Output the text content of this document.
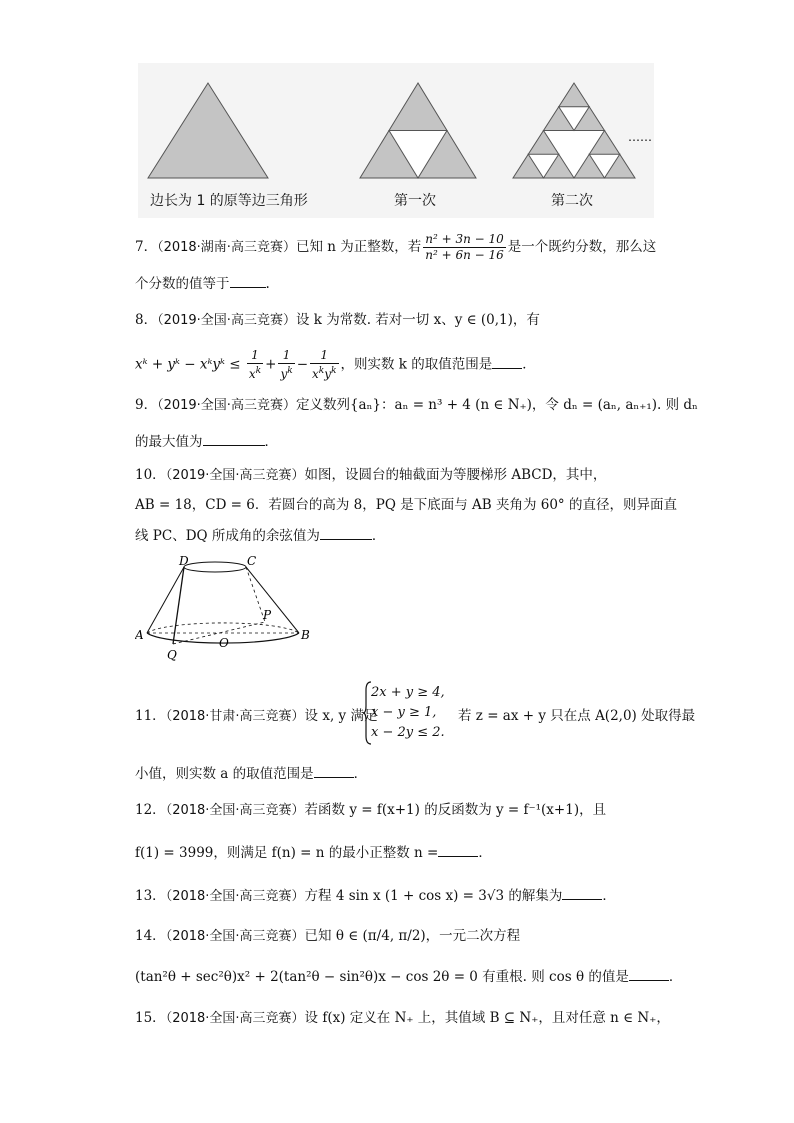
边长为 1 的原等边三角形	第一次	第二次
……
7．（2018·湖南·高三竞赛）已知 n 为正整数，若 $\frac{\text{n² + 3n − 10}}{\text{n² + 6n − 16}}$ 是一个既约分数，那么这
个分数的值等于	.
8．（2019·全国·高三竞赛）设 k 为常数. 若对一切 x、y ∈ (0,1)，有
xᵏ + yᵏ − xᵏyᵏ ≤ $\frac{1}{x^k} + \frac{1}{y^k} - \frac{1}{x^ky^k}$ ，则实数 k 的取值范围是 ．
9．（2019·全国·高三竞赛）定义数列{aₙ}：aₙ = n³ + 4 (n ∈ N₊)，令 dₙ = (aₙ, aₙ₊₁). 则 dₙ
的最大值为	．
10．（2019·全国·高三竞赛）如图，设圆台的轴截面为等腰梯形 ABCD，其中，
AB = 18，CD = 6．若圆台的高为 8，PQ 是下底面与 AB 夹角为 60° 的直径，则异面直
线 PC、DQ 所成角的余弦值为	．
D	C
A	B
P
Q
O
11．（2018·甘肃·高三竞赛）设 x, y 满足
2x + y ≥ 4,
x − y ≥ 1,
x − 2y ≤ 2.
若 z = ax + y 只在点 A(2,0) 处取得最
小值，则实数 a 的取值范围是	．
12．（2018·全国·高三竞赛）若函数 y = f(x+1) 的反函数为 y = f⁻¹(x+1)，且
f(1) = 3999，则满足 f(n) = n 的最小正整数 n =	．
13．（2018·全国·高三竞赛）方程 4 sin x (1 + cos x) = 3√3 的解集为	．
14．（2018·全国·高三竞赛）已知 θ ∈ (π/4, π/2)，一元二次方程
(tan²θ + sec²θ)x² + 2(tan²θ − sin²θ)x − cos 2θ = 0 有重根. 则 cos θ 的值是	．
15．（2018·全国·高三竞赛）设 f(x) 定义在 N₊ 上，其值域 B ⊆ N₊，且对任意 n ∈ N₊，
